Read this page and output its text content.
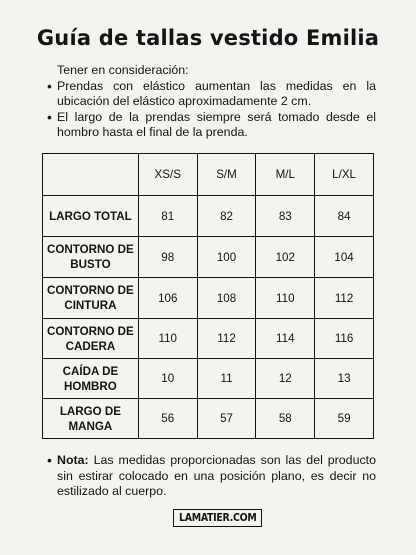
Guía de tallas vestido Emilia
Tener en consideración:
• Prendas con elástico aumentan las medidas en la ubicación del elástico aproximadamente 2 cm.
• El largo de la prendas siempre será tomado desde el hombro hasta el final de la prenda.
	XS/S	S/M	M/L	L/XL
LARGO TOTAL	81	82	83	84
CONTORNO DE BUSTO	98	100	102	104
CONTORNO DE CINTURA	106	108	110	112
CONTORNO DE CADERA	110	112	114	116
CAÍDA DE HOMBRO	10	11	12	13
LARGO DE MANGA	56	57	58	59
• Nota: Las medidas proporcionadas son las del producto sin estirar colocado en una posición plano, es decir no estilizado al cuerpo.
LAMATIER.COM
